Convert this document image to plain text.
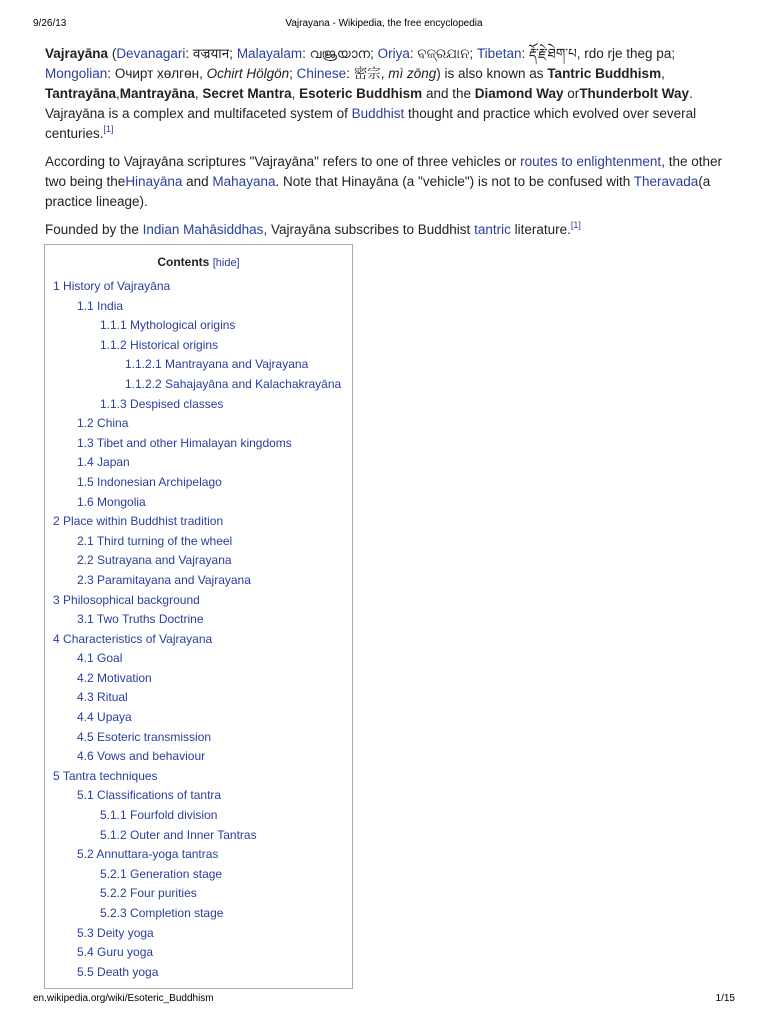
9/26/13	Vajrayana - Wikipedia, the free encyclopedia

Vajrayāna (Devanagari: वज्रयान; Malayalam: വജ്രയാന; Oriya: ବଜ୍ରଯାନ; Tibetan: རྡོ་རྗེ་ཐེག་པ, rdo rje theg pa; Mongolian: Очирт хөлгөн, Ochirt Hölgön; Chinese: 密宗, mì zōng) is also known as Tantric Buddhism, Tantrayāna,Mantrayāna, Secret Mantra, Esoteric Buddhism and the Diamond Way orThunderbolt Way. Vajrayāna is a complex and multifaceted system of Buddhist thought and practice which evolved over several centuries.[1]

According to Vajrayāna scriptures "Vajrayāna" refers to one of three vehicles or routes to enlightenment, the other two being theHinayāna and Mahayana. Note that Hinayāna (a "vehicle") is not to be confused with Theravada(a practice lineage).

Founded by the Indian Mahāsiddhas, Vajrayāna subscribes to Buddhist tantric literature.[1]

Contents [hide]
1 History of Vajrayāna
1.1 India
1.1.1 Mythological origins
1.1.2 Historical origins
1.1.2.1 Mantrayana and Vajrayana
1.1.2.2 Sahajayāna and Kalachakrayāna
1.1.3 Despised classes
1.2 China
1.3 Tibet and other Himalayan kingdoms
1.4 Japan
1.5 Indonesian Archipelago
1.6 Mongolia
2 Place within Buddhist tradition
2.1 Third turning of the wheel
2.2 Sutrayana and Vajrayana
2.3 Paramitayana and Vajrayana
3 Philosophical background
3.1 Two Truths Doctrine
4 Characteristics of Vajrayana
4.1 Goal
4.2 Motivation
4.3 Ritual
4.4 Upaya
4.5 Esoteric transmission
4.6 Vows and behaviour
5 Tantra techniques
5.1 Classifications of tantra
5.1.1 Fourfold division
5.1.2 Outer and Inner Tantras
5.2 Annuttara-yoga tantras
5.2.1 Generation stage
5.2.2 Four purities
5.2.3 Completion stage
5.3 Deity yoga
5.4 Guru yoga
5.5 Death yoga
en.wikipedia.org/wiki/Esoteric_Buddhism	1/15
